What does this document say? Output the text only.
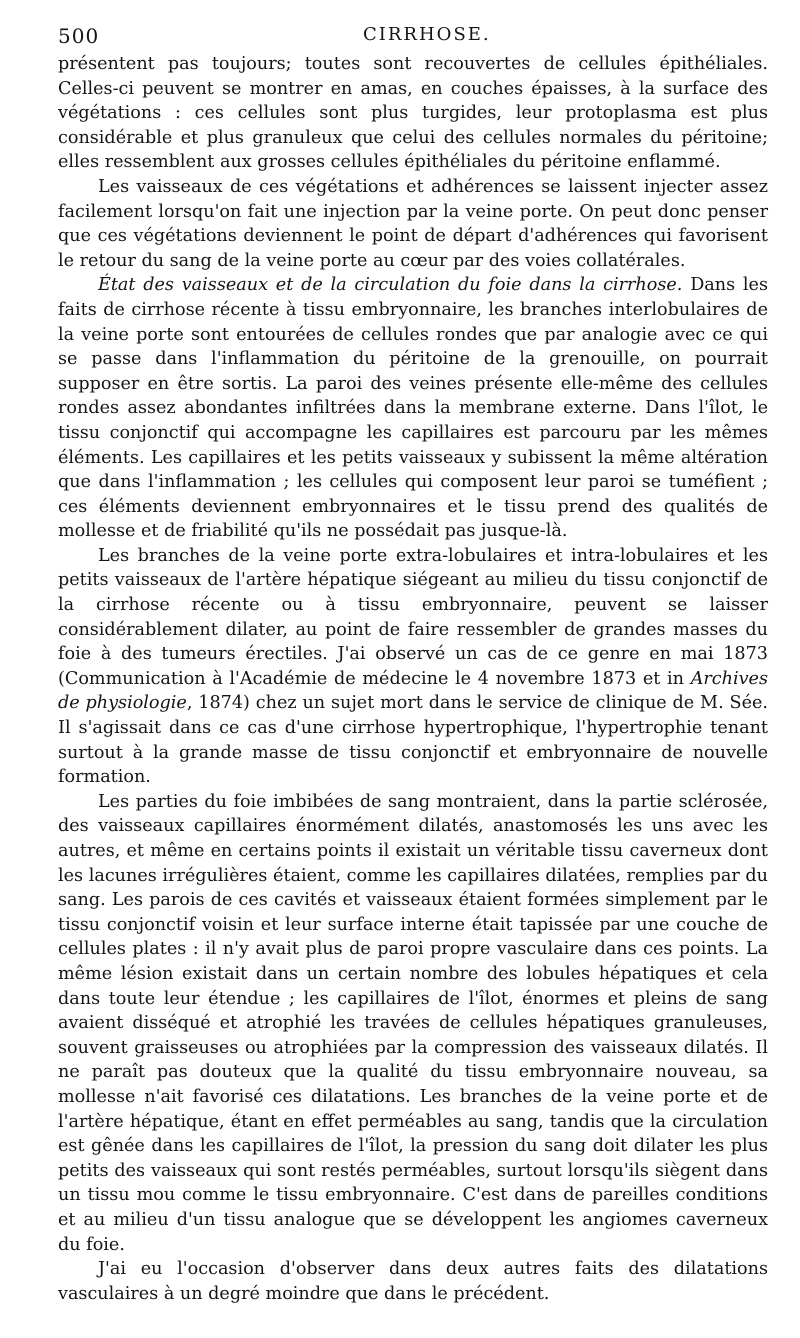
500	CIRRHOSE.

présentent pas toujours; toutes sont recouvertes de cellules épithéliales. Celles-ci peuvent se montrer en amas, en couches épaisses, à la surface des végétations : ces cellules sont plus turgides, leur protoplasma est plus considérable et plus granuleux que celui des cellules normales du péritoine; elles ressemblent aux grosses cellules épithéliales du péritoine enflammé.

Les vaisseaux de ces végétations et adhérences se laissent injecter assez facilement lorsqu'on fait une injection par la veine porte. On peut donc penser que ces végétations deviennent le point de départ d'adhérences qui favorisent le retour du sang de la veine porte au cœur par des voies collatérales.

État des vaisseaux et de la circulation du foie dans la cirrhose. Dans les faits de cirrhose récente à tissu embryonnaire, les branches interlobulaires de la veine porte sont entourées de cellules rondes que par analogie avec ce qui se passe dans l'inflammation du péritoine de la grenouille, on pourrait supposer en être sortis. La paroi des veines présente elle-même des cellules rondes assez abondantes infiltrées dans la membrane externe. Dans l'îlot, le tissu conjonctif qui accompagne les capillaires est parcouru par les mêmes éléments. Les capillaires et les petits vaisseaux y subissent la même altération que dans l'inflammation ; les cellules qui composent leur paroi se tuméfient ; ces éléments deviennent embryonnaires et le tissu prend des qualités de mollesse et de friabilité qu'ils ne possédait pas jusque-là.

Les branches de la veine porte extra-lobulaires et intra-lobulaires et les petits vaisseaux de l'artère hépatique siégeant au milieu du tissu conjonctif de la cirrhose récente ou à tissu embryonnaire, peuvent se laisser considérablement dilater, au point de faire ressembler de grandes masses du foie à des tumeurs érectiles. J'ai observé un cas de ce genre en mai 1873 (Communication à l'Académie de médecine le 4 novembre 1873 et in Archives de physiologie, 1874) chez un sujet mort dans le service de clinique de M. Sée. Il s'agissait dans ce cas d'une cirrhose hypertrophique, l'hypertrophie tenant surtout à la grande masse de tissu conjonctif et embryonnaire de nouvelle formation.

Les parties du foie imbibées de sang montraient, dans la partie sclérosée, des vaisseaux capillaires énormément dilatés, anastomosés les uns avec les autres, et même en certains points il existait un véritable tissu caverneux dont les lacunes irrégulières étaient, comme les capillaires dilatées, remplies par du sang. Les parois de ces cavités et vaisseaux étaient formées simplement par le tissu conjonctif voisin et leur surface interne était tapissée par une couche de cellules plates : il n'y avait plus de paroi propre vasculaire dans ces points. La même lésion existait dans un certain nombre des lobules hépatiques et cela dans toute leur étendue ; les capillaires de l'îlot, énormes et pleins de sang avaient disséqué et atrophié les travées de cellules hépatiques granuleuses, souvent graisseuses ou atrophiées par la compression des vaisseaux dilatés. Il ne paraît pas douteux que la qualité du tissu embryonnaire nouveau, sa mollesse n'ait favorisé ces dilatations. Les branches de la veine porte et de l'artère hépatique, étant en effet perméables au sang, tandis que la circulation est gênée dans les capillaires de l'îlot, la pression du sang doit dilater les plus petits des vaisseaux qui sont restés perméables, surtout lorsqu'ils siègent dans un tissu mou comme le tissu embryonnaire. C'est dans de pareilles conditions et au milieu d'un tissu analogue que se développent les angiomes caverneux du foie.

J'ai eu l'occasion d'observer dans deux autres faits des dilatations vasculaires à un degré moindre que dans le précédent.
